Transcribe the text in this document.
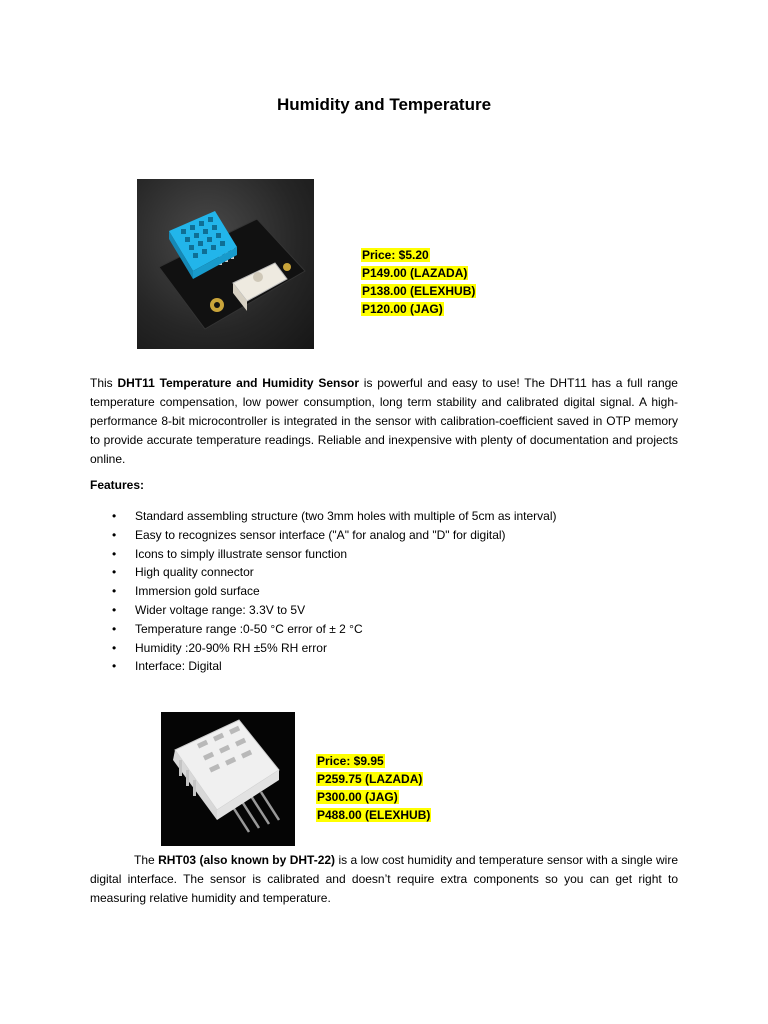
Humidity and Temperature
Price: $5.20
P149.00 (LAZADA)
P138.00 (ELEXHUB)
P120.00 (JAG)
This DHT11 Temperature and Humidity Sensor is powerful and easy to use! The DHT11 has a full range temperature compensation, low power consumption, long term stability and calibrated digital signal. A high-performance 8-bit microcontroller is integrated in the sensor with calibration-coefficient saved in OTP memory to provide accurate temperature readings. Reliable and inexpensive with plenty of documentation and projects online.
Features:
• Standard assembling structure (two 3mm holes with multiple of 5cm as interval)
• Easy to recognizes sensor interface ("A" for analog and "D" for digital)
• Icons to simply illustrate sensor function
• High quality connector
• Immersion gold surface
• Wider voltage range: 3.3V to 5V
• Temperature range :0-50 °C error of ± 2 °C
• Humidity :20-90% RH ±5% RH error
• Interface: Digital
Price: $9.95
P259.75 (LAZADA)
P300.00 (JAG)
P488.00 (ELEXHUB)
The RHT03 (also known by DHT-22) is a low cost humidity and temperature sensor with a single wire digital interface. The sensor is calibrated and doesn’t require extra components so you can get right to measuring relative humidity and temperature.
